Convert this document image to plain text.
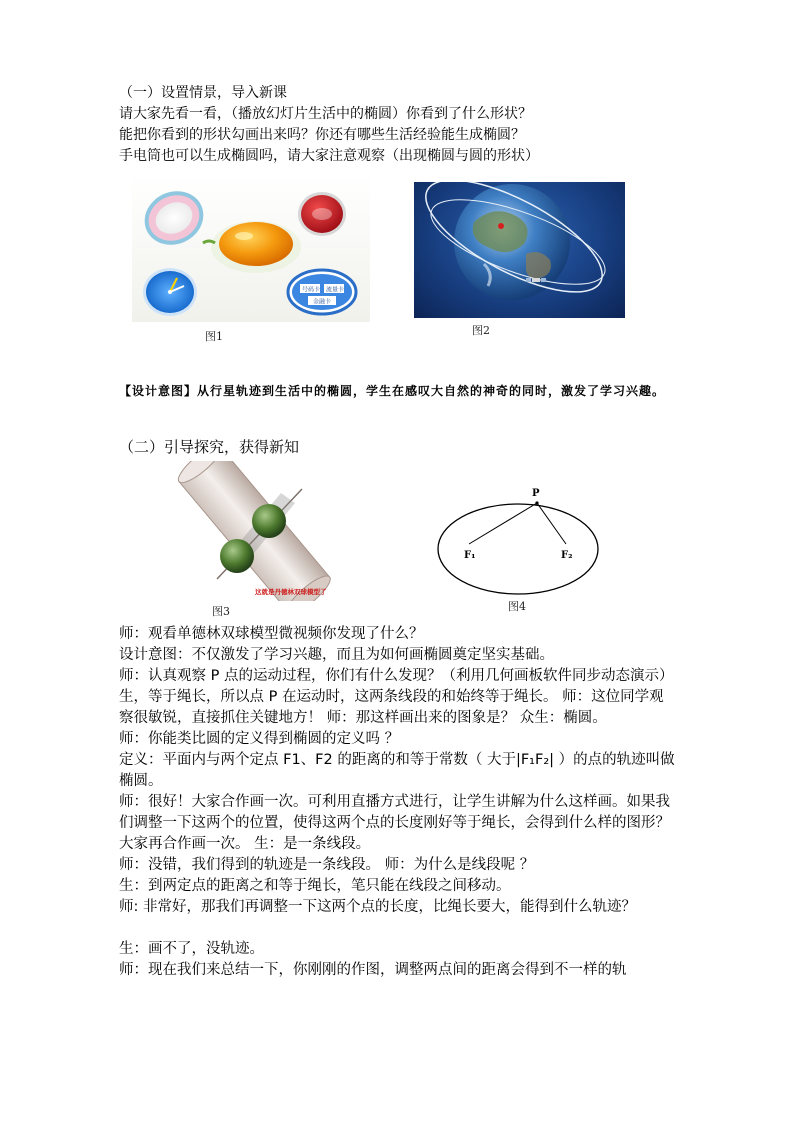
（一）设置情景，导入新课
请大家先看一看，（播放幻灯片生活中的椭圆）你看到了什么形状？
能把你看到的形状勾画出来吗？你还有哪些生活经验能生成椭圆？
手电筒也可以生成椭圆吗，请大家注意观察（出现椭圆与圆的形状）
号码卡 流量卡
金融卡
图1	图2
【设计意图】从行星轨迹到生活中的椭圆，学生在感叹大自然的神奇的同时，激发了学习兴趣。
（二）引导探究，获得新知
这就是丹德林双球模型了
图3
P
F₁	F₂
图4
师：观看单德林双球模型微视频你发现了什么？
设计意图：不仅激发了学习兴趣，而且为如何画椭圆奠定坚实基础。
师：认真观察 P 点的运动过程，你们有什么发现？（利用几何画板软件同步动态演示）
生，等于绳长，所以点 P 在运动时，这两条线段的和始终等于绳长。 师：这位同学观察很敏锐，直接抓住关键地方！ 师：那这样画出来的图象是？ 众生：椭圆。
师：你能类比圆的定义得到椭圆的定义吗 ？
定义：平面内与两个定点 F1、F2 的距离的和等于常数（ 大于|F₁F₂| ）的点的轨迹叫做椭圆。
师：很好！大家合作画一次。可利用直播方式进行，让学生讲解为什么这样画。如果我们调整一下这两个的位置，使得这两个点的长度刚好等于绳长，会得到什么样的图形？大家再合作画一次。 生：是一条线段。
师：没错，我们得到的轨迹是一条线段。 师：为什么是线段呢 ？
生：到两定点的距离之和等于绳长，笔只能在线段之间移动。
师: 非常好，那我们再调整一下这两个点的长度，比绳长要大，能得到什么轨迹？
生：画不了，没轨迹。
师：现在我们来总结一下，你刚刚的作图，调整两点间的距离会得到不一样的轨
